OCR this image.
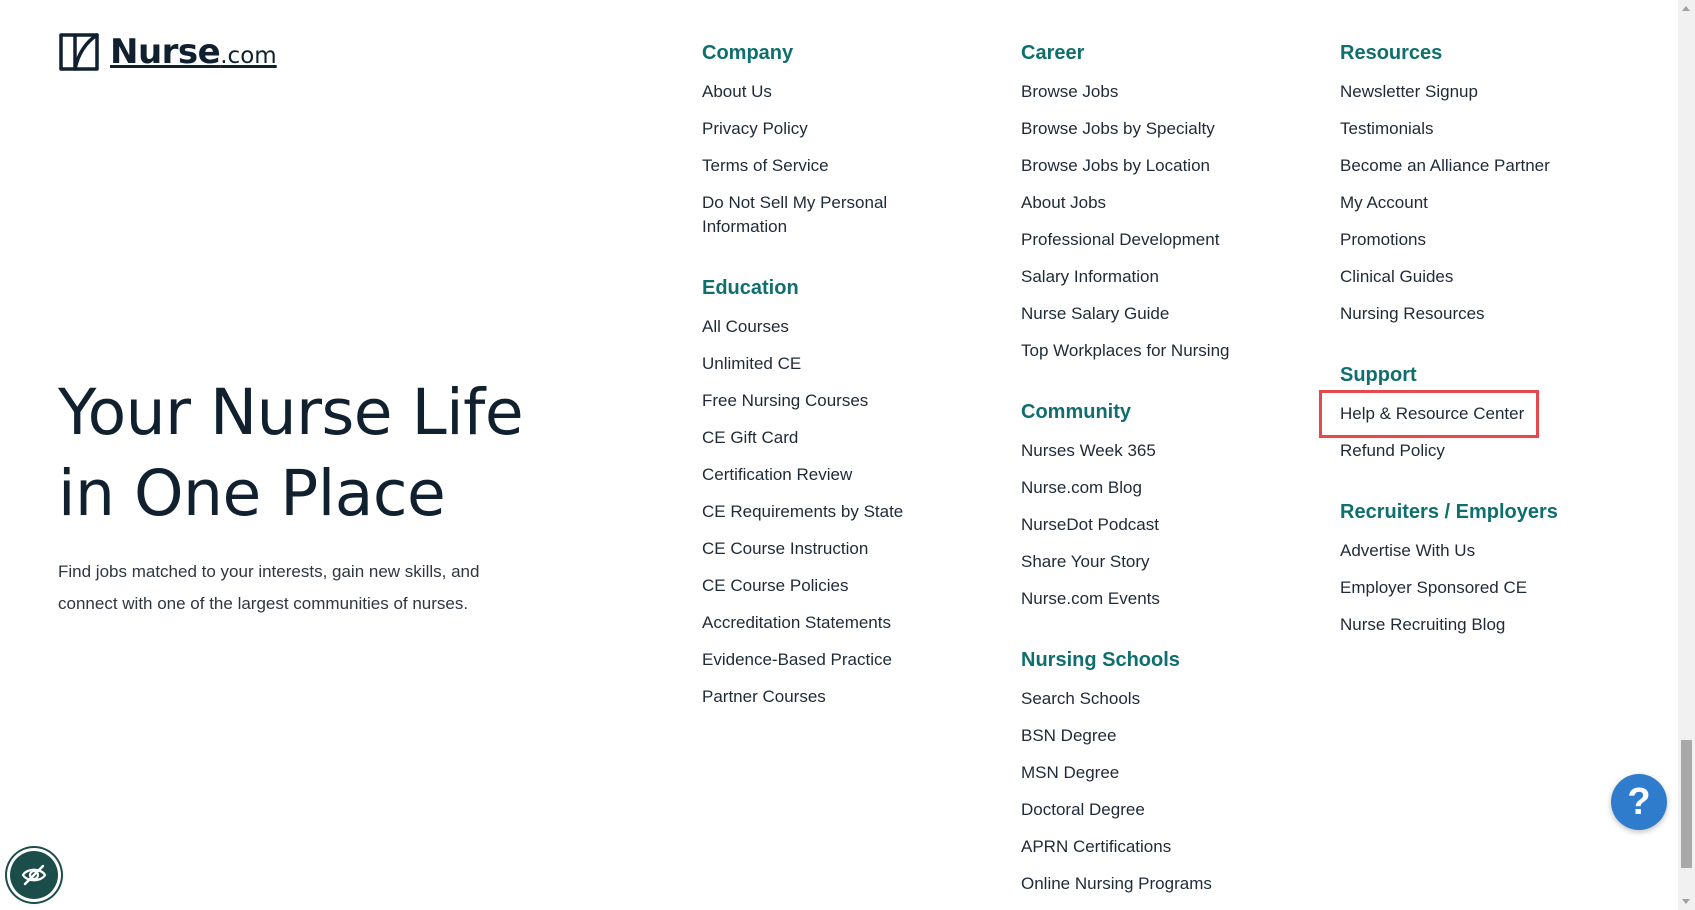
Nurse.com
Your Nurse Life
in One Place

Find jobs matched to your interests, gain new skills, and connect with one of the largest communities of nurses.

Company
About Us
Privacy Policy
Terms of Service
Do Not Sell My Personal Information
Education
All Courses
Unlimited CE
Free Nursing Courses
CE Gift Card
Certification Review
CE Requirements by State
CE Course Instruction
CE Course Policies
Accreditation Statements
Evidence-Based Practice
Partner Courses
Career
Browse Jobs
Browse Jobs by Specialty
Browse Jobs by Location
About Jobs
Professional Development
Salary Information
Nurse Salary Guide
Top Workplaces for Nursing
Community
Nurses Week 365
Nurse.com Blog
NurseDot Podcast
Share Your Story
Nurse.com Events
Nursing Schools
Search Schools
BSN Degree
MSN Degree
Doctoral Degree
APRN Certifications
Online Nursing Programs
Resources
Newsletter Signup
Testimonials
Become an Alliance Partner
My Account
Promotions
Clinical Guides
Nursing Resources
Support
Help & Resource Center
Refund Policy
Recruiters / Employers
Advertise With Us
Employer Sponsored CE
Nurse Recruiting Blog
?
